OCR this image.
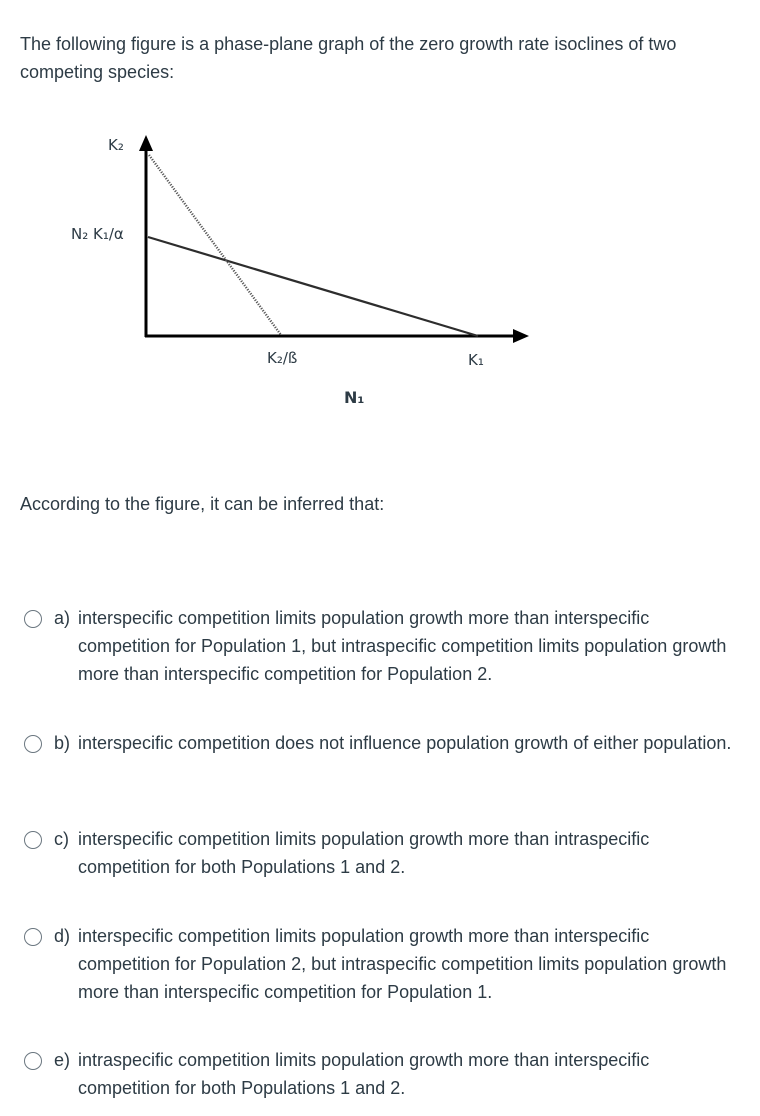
The following figure is a phase-plane graph of the zero growth rate isoclines of two competing species:

K₂
N₂ K₁/α
K₂/ß	K₁
N₁

According to the figure, it can be inferred that:

a) interspecific competition limits population growth more than interspecific competition for Population 1, but intraspecific competition limits population growth more than interspecific competition for Population 2.
b) interspecific competition does not influence population growth of either population.
c) interspecific competition limits population growth more than intraspecific competition for both Populations 1 and 2.
d) interspecific competition limits population growth more than interspecific competition for Population 2, but intraspecific competition limits population growth more than interspecific competition for Population 1.
e) intraspecific competition limits population growth more than interspecific competition for both Populations 1 and 2.
